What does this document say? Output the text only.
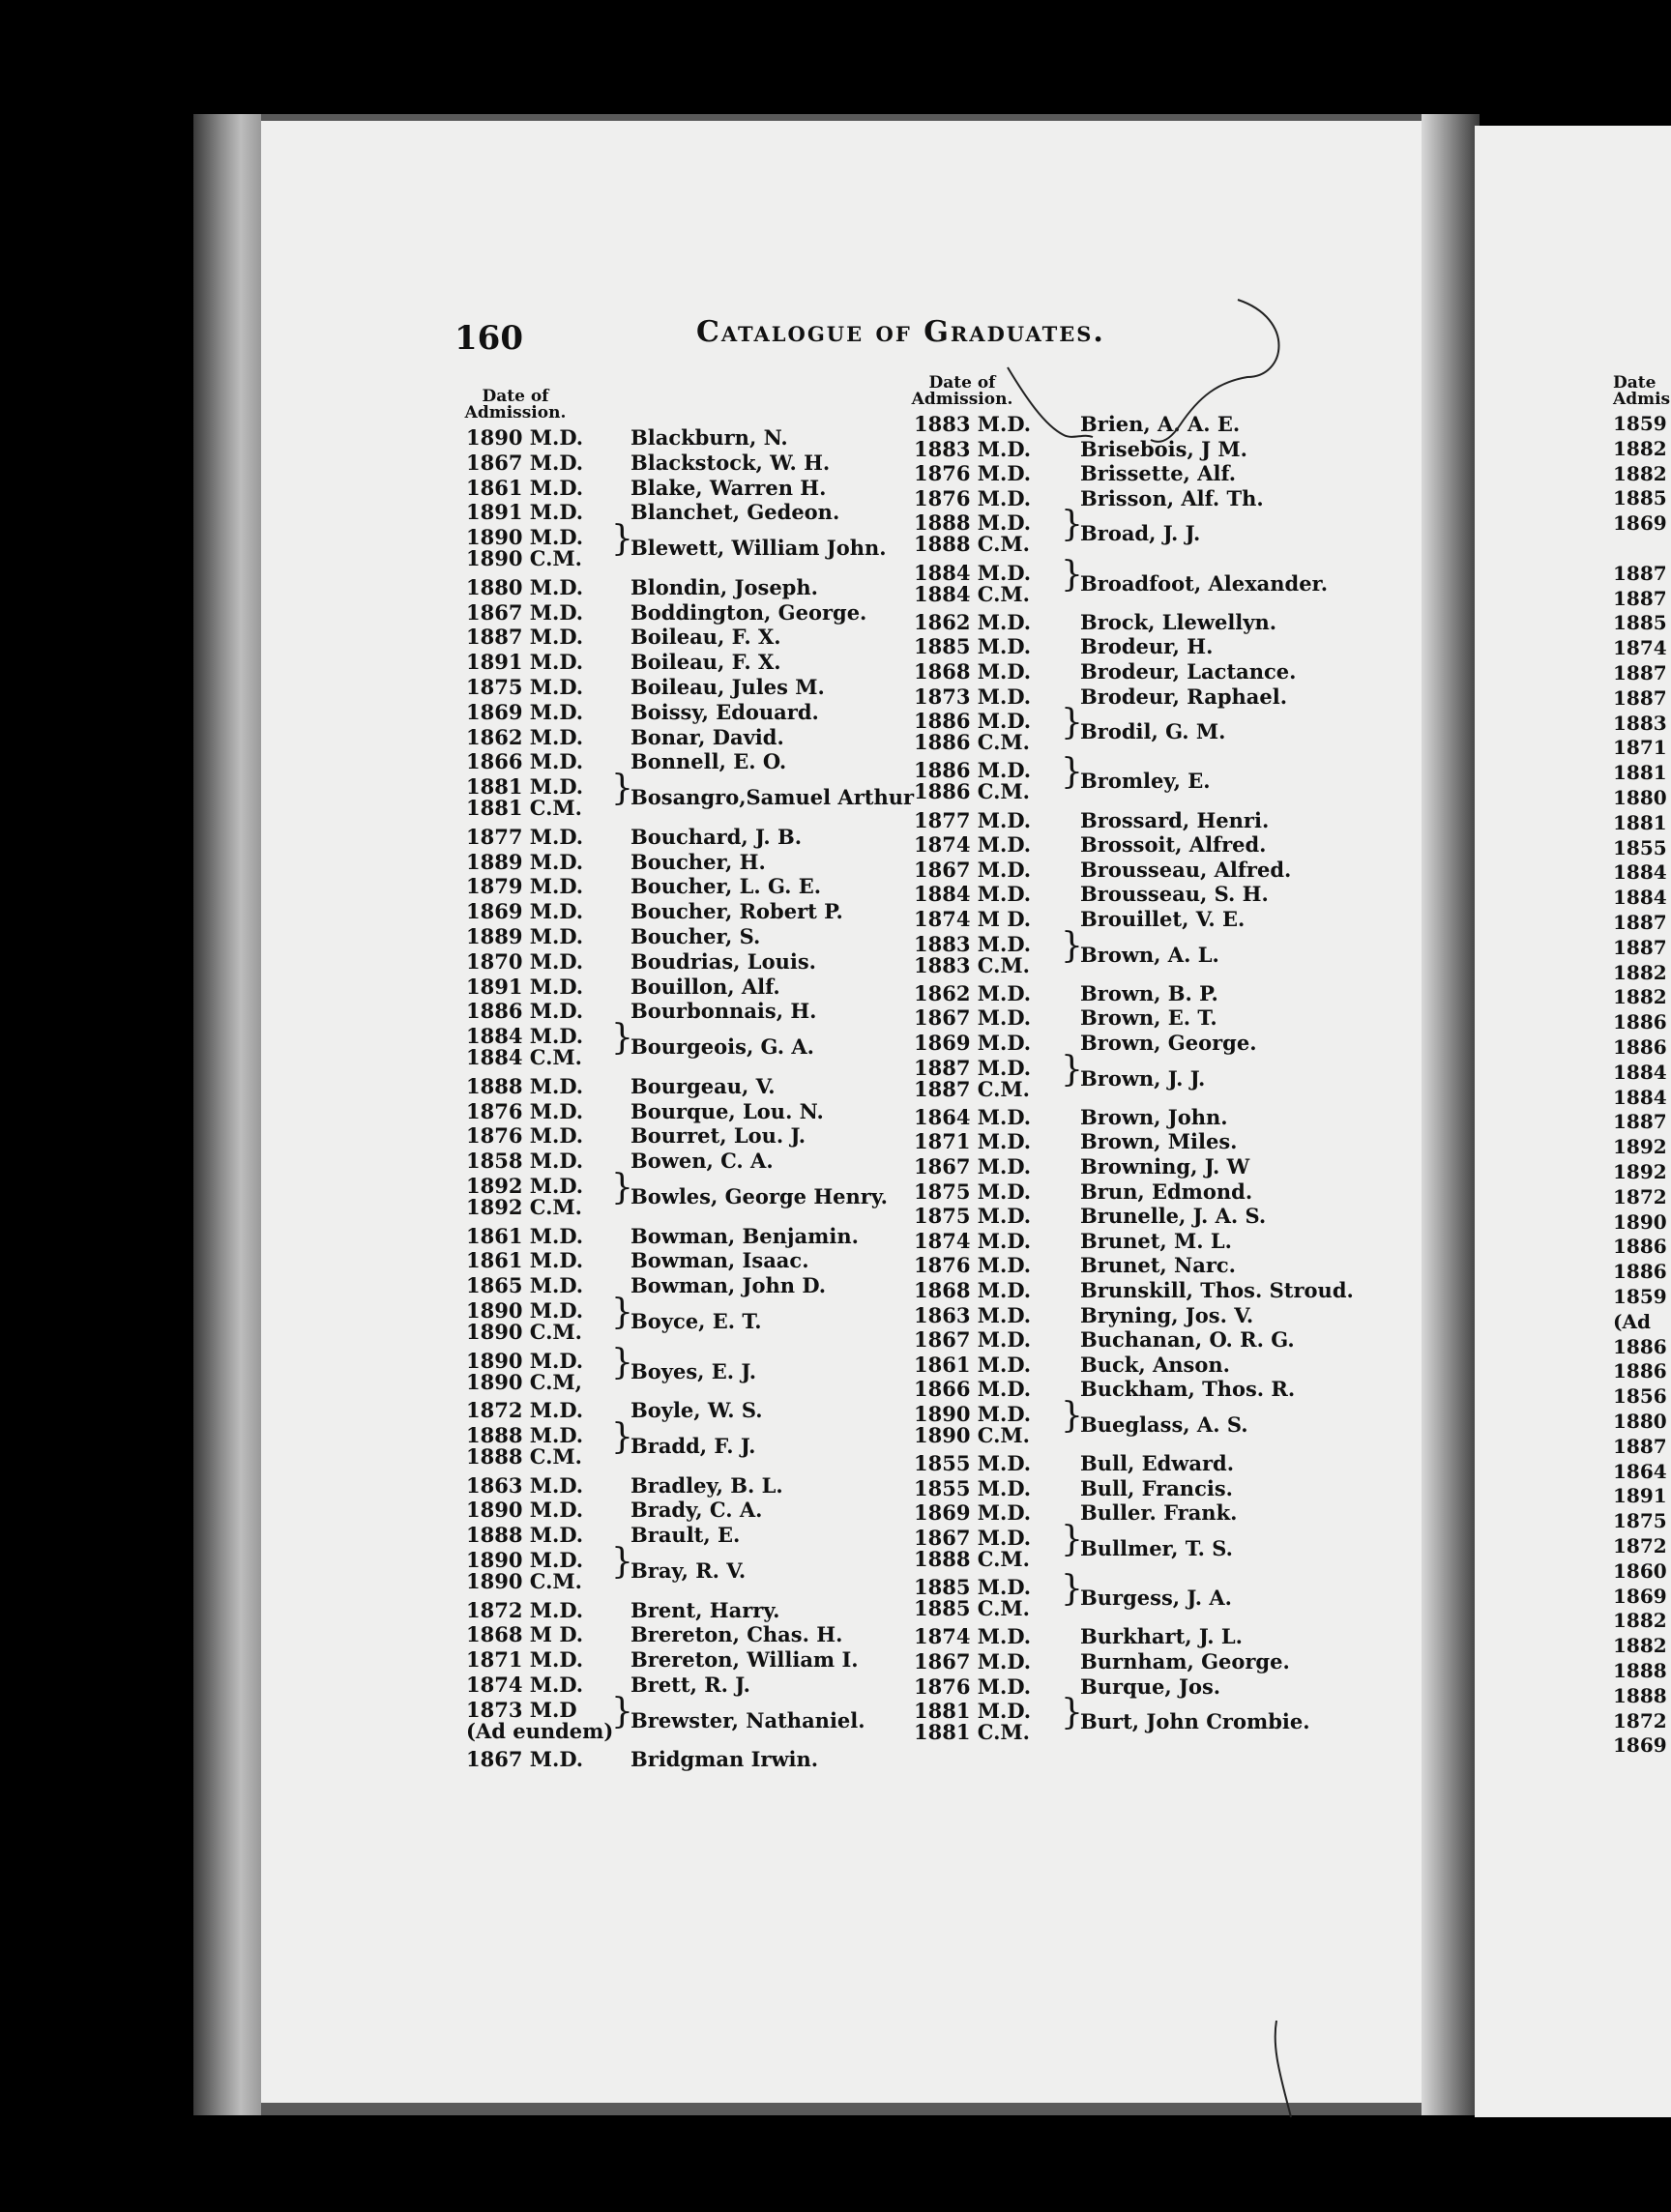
160	Catalogue of Graduates.
Date of Admission.
Date of Admission.
Date Admis
1890 M.D. Blackburn, N.
1867 M.D. Blackstock, W. H.
1861 M.D. Blake, Warren H.
1891 M.D. Blanchet, Gedeon.
1890 M.D.
1890 C.M. }
Blewett, William John.
1880 M.D. Blondin, Joseph.
1867 M.D. Boddington, George.
1887 M.D. Boileau, F. X.
1891 M.D. Boileau, F. X.
1875 M.D. Boileau, Jules M.
1869 M.D. Boissy, Edouard.
1862 M.D. Bonar, David.
1866 M.D. Bonnell, E. O.
1881 M.D.
1881 C.M. }
Bosangro,Samuel Arthur
1877 M.D. Bouchard, J. B.
1889 M.D. Boucher, H.
1879 M.D. Boucher, L. G. E.
1869 M.D. Boucher, Robert P.
1889 M.D. Boucher, S.
1870 M.D. Boudrias, Louis.
1891 M.D. Bouillon, Alf.
1886 M.D. Bourbonnais, H.
1884 M.D.
1884 C.M. }
Bourgeois, G. A.
1888 M.D. Bourgeau, V.
1876 M.D. Bourque, Lou. N.
1876 M.D. Bourret, Lou. J.
1858 M.D. Bowen, C. A.
1892 M.D.
1892 C.M. }
Bowles, George Henry.
1861 M.D. Bowman, Benjamin.
1861 M.D. Bowman, Isaac.
1865 M.D. Bowman, John D.
1890 M.D.
1890 C.M. }
Boyce, E. T.
1890 M.D.
1890 C.M, }
Boyes, E. J.
1872 M.D. Boyle, W. S.
1888 M.D.
1888 C.M. }
Bradd, F. J.
1863 M.D. Bradley, B. L.
1890 M.D. Brady, C. A.
1888 M.D. Brault, E.
1890 M.D.
1890 C.M. }
Bray, R. V.
1872 M.D. Brent, Harry.
1868 M D. Brereton, Chas. H.
1871 M.D. Brereton, William I.
1874 M.D. Brett, R. J.
1873 M.D
(Ad eundem)
}
Brewster, Nathaniel.
1867 M.D. Bridgman Irwin.
1883 M.D. Brien, A. A. E.
1883 M.D. Brisebois, J M.
1876 M.D. Brissette, Alf.
1876 M.D. Brisson, Alf. Th.
1888 M.D.
1888 C.M. }
Broad, J. J.
1884 M.D.
1884 C.M. }
Broadfoot, Alexander.
1862 M.D. Brock, Llewellyn.
1885 M.D. Brodeur, H.
1868 M.D. Brodeur, Lactance.
1873 M.D. Brodeur, Raphael.
1886 M.D.
1886 C.M. }
Brodil, G. M.
1886 M.D.
1886 C.M. }
Bromley, E.
1877 M.D. Brossard, Henri.
1874 M.D. Brossoit, Alfred.
1867 M.D. Brousseau, Alfred.
1884 M.D. Brousseau, S. H.
1874 M D. Brouillet, V. E.
1883 M.D.
1883 C.M. }
Brown, A. L.
1862 M.D. Brown, B. P.
1867 M.D. Brown, E. T.
1869 M.D. Brown, George.
1887 M.D.
1887 C.M. }
Brown, J. J.
1864 M.D. Brown, John.
1871 M.D. Brown, Miles.
1867 M.D. Browning, J. W
1875 M.D. Brun, Edmond.
1875 M.D. Brunelle, J. A. S.
1874 M.D. Brunet, M. L.
1876 M.D. Brunet, Narc.
1868 M.D. Brunskill, Thos. Stroud.
1863 M.D. Bryning, Jos. V.
1867 M.D. Buchanan, O. R. G.
1861 M.D. Buck, Anson.
1866 M.D. Buckham, Thos. R.
1890 M.D.
1890 C.M. }
Bueglass, A. S.
1855 M.D. Bull, Edward.
1855 M.D. Bull, Francis.
1869 M.D. Buller. Frank.
1867 M.D.
1888 C.M. }
Bullmer, T. S.
1885 M.D.
1885 C.M. }
Burgess, J. A.
1874 M.D. Burkhart, J. L.
1867 M.D. Burnham, George.
1876 M.D. Burque, Jos.
1881 M.D.
1881 C.M. }
Burt, John Crombie.
1859
1882
1882
1885
1869
1887
1887
1885
1874
1887
1887
1883
1871
1881
1880
1881
1855
1884
1884
1887
1887
1882
1882
1886
1886
1884
1884
1887
1892
1892
1872
1890
1886
1886
1859
(Ad
1886
1886
1856
1880
1887
1864
1891
1875
1872
1860
1869
1882
1882
1888
1888
1872
1869
